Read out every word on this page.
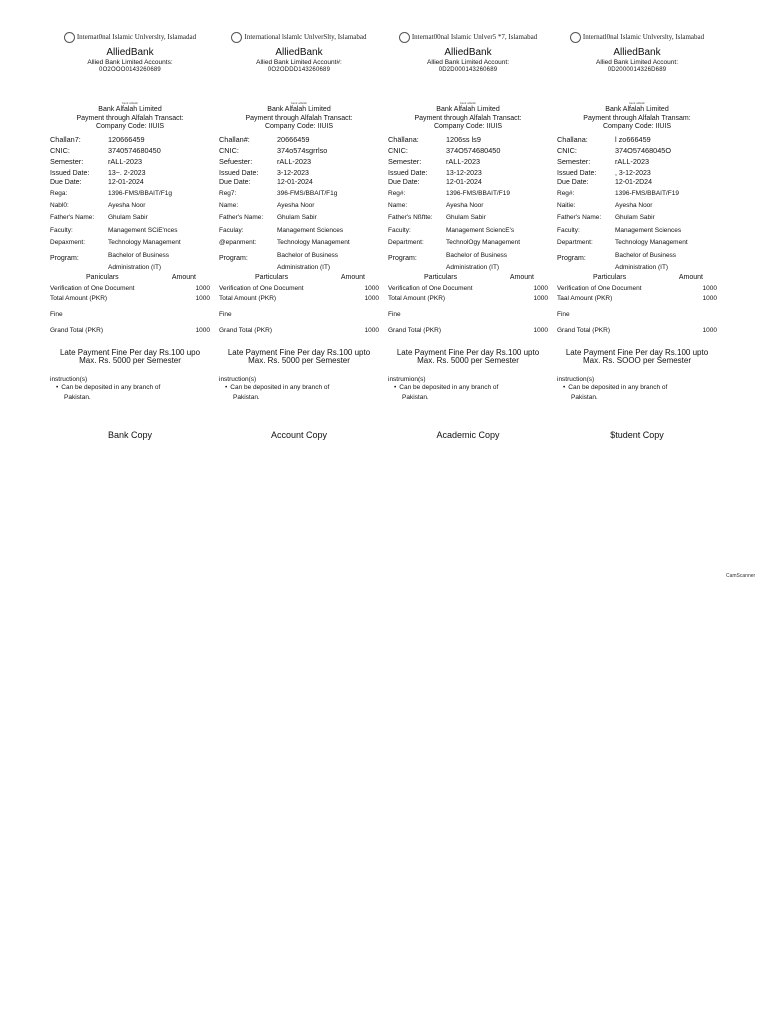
Internat0nal Islamic Unlverslty, Islamadad
AlliedBank
Allied Bank Limited Accounts:
0O2OOO0143260689
bank alfalah
Bank Alfalah Limited
Payment through Alfalah Transact:
Company Code: IIUIS
Challan7:	120666459
CNIC:	3740574680450
Semester:	rALL-2023
Issued Date:	13~. 2-2023
Due Date:	12-01-2024
Rega:	1396-FMS/BBAIT/F1g
Nabl0:	Ayesha Noor
Father's Name:	Ghulam Sabir
Faculty:	Management SCiE'nces
Depaxment:	Technology Management
Program:	Bachelor of Business
Administration (IT)
Paniculars	Amount
Verification of One Document	1000
Total Amount (PKR)	1000
Fine
Grand Total (PKR)	1000
Late Payment Fine Per day Rs.100 upo
Max. Rs. 5000 per Semester
instruction(s)
• Can be deposited in any branch of
Pakistan.
Bank Copy
International lslamlc UnlverSlty, Islamabad
AlliedBank
Allied Bank Limited Account#:
0O2ODDD143260689
bank alfalah
Bank Alfalah Limited
Payment through Alfalah Transact:
Company Code: IIUIS
Challan#:	20666459
CNIC:	374o574sgrrlso
Sefuester:	rALL-2023
Issued Date:	3-12-2023
Due Date:	12-01-2024
Reg7:	396-FMS/BBAIT/F1g
Name:	Ayesha Noor
Father's Name:	Ghulam Sabir
Faculay:	Management Sciences
@epanment:	Technology Management
Program:	Bachelor of Business
Administration (IT)
Particulars	Amount
Verification of One Document	1000
Total Amount (PKR)	1000
Fine
Grand Total (PKR)	1000
Late Payment Fine Per day Rs.100 upto
Max. Rs. 5000 per Semester
instruction(s)
• Can be deposited in any branch of
Pakistan.
Account Copy
Internat00nal Islamic Unlver5 *7, Islamabad
AlliedBank
Allied Bank Limited Account:
0D2D000143260689
bank alfalah
Bank Alfalah Limited
Payment through Alfalah Transact:
Company Code: IIUIS
Chällana:	1206ss ls9
CNIC:	374O574680450
Semester:	rALL-2023
Issued Date:	13-12-2023
Due Date:	12-01-2024
Reg#:	1396-FMS/BBAIT/F19
Name:	Ayesha Noor
Father's Nßftte:	Ghulam Sabir
Faculty:	Management SciencE's
Department:	TechnolOgy Management
Program:	Bachelor of Business
Administration (IT)
Particulars	Amount
Verificafion of One Document	1000
Total Amount (PKR)	1000
Fine
Grand Total (PKR)	1000
Late Payment Fine Per day Rs.100 upto
Max. Rs. 5000 per Semester
instrumion(s)
• Can be deposited in any branch of
Pakistan.
Academic Copy
Internatl0nal Islamic Unlverslty, Islamabad
AlliedBank
Allied Bank Limited Account:
0D2000014326D689
bank alfalah
Bank Alfalah Limited
Payment through Alfalah Transam:
Company Code: IIUIS
Challana:	l zo666459
CNIC:	374O57468045O
Semester:	rALL-2023
Issued Date:	, 3-12-2023
Due Date:	12-01-2D24
Reg#:	1396-FMS/BBAIT/F19
Naitie:	Ayesha Noor
Father's Name:	Ghulam Sabir
Faculty:	Management Sciences
Department:	Technology Management
Program:	Bachelor of Business
Administration (IT)
Particulars	Amount
Verification of One Document	1000
Taal Amount (PKR)	1000
Fine
Grand Total (PKR)	1000
Late Payment Fine Per day Rs.100 upto
Max. Rs. SOOO per Semester
instruction(s)
• Can be deposited in any branch of
Pakistan.
$tudent Copy
CamScanner
